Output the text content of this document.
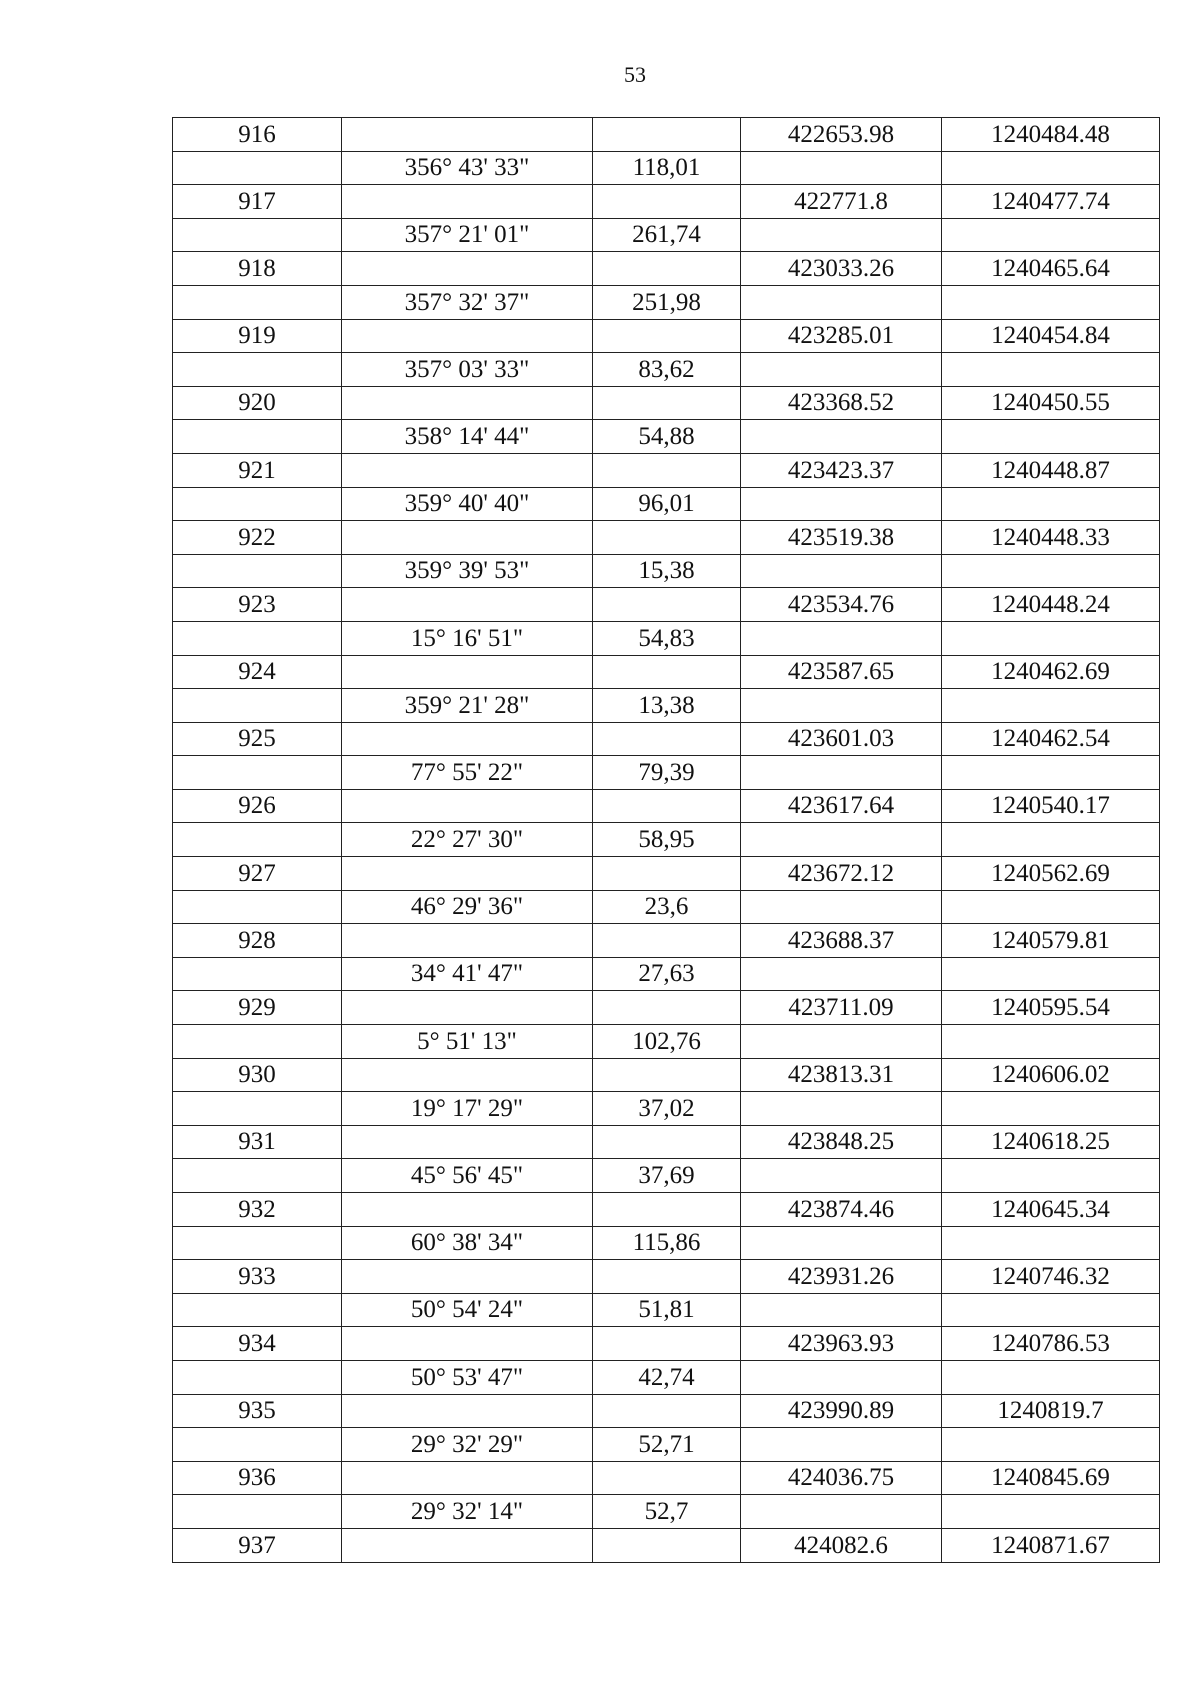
53
916			422653.98	1240484.48
	356° 43' 33"	118,01		
917			422771.8	1240477.74
	357° 21' 01"	261,74		
918			423033.26	1240465.64
	357° 32' 37"	251,98		
919			423285.01	1240454.84
	357° 03' 33"	83,62		
920			423368.52	1240450.55
	358° 14' 44"	54,88		
921			423423.37	1240448.87
	359° 40' 40"	96,01		
922			423519.38	1240448.33
	359° 39' 53"	15,38		
923			423534.76	1240448.24
	15° 16' 51"	54,83		
924			423587.65	1240462.69
	359° 21' 28"	13,38		
925			423601.03	1240462.54
	77° 55' 22"	79,39		
926			423617.64	1240540.17
	22° 27' 30"	58,95		
927			423672.12	1240562.69
	46° 29' 36"	23,6		
928			423688.37	1240579.81
	34° 41' 47"	27,63		
929			423711.09	1240595.54
	5° 51' 13"	102,76		
930			423813.31	1240606.02
	19° 17' 29"	37,02		
931			423848.25	1240618.25
	45° 56' 45"	37,69		
932			423874.46	1240645.34
	60° 38' 34"	115,86		
933			423931.26	1240746.32
	50° 54' 24"	51,81		
934			423963.93	1240786.53
	50° 53' 47"	42,74		
935			423990.89	1240819.7
	29° 32' 29"	52,71		
936			424036.75	1240845.69
	29° 32' 14"	52,7		
937			424082.6	1240871.67
